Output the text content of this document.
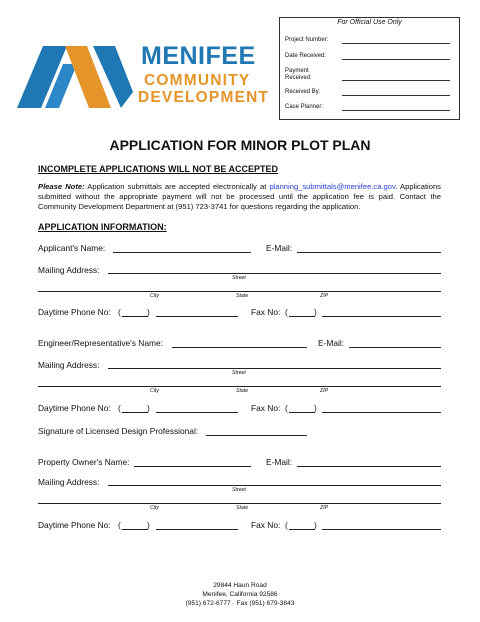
MENIFEE
COMMUNITY
DEVELOPMENT
For Official Use Only
Project Number:
Date Received:
Payment
Received:
Received By:
Case Planner:
APPLICATION FOR MINOR PLOT PLAN
INCOMPLETE APPLICATIONS WILL NOT BE ACCEPTED
Please Note: Application submittals are accepted electronically at planning_submittals@menifee.ca.gov. Applications submitted without the appropriate payment will not be processed until the application fee is paid. Contact the Community Development Department at (951) 723-3741 for questions regarding the application.
APPLICATION INFORMATION:
Applicant's Name:	E-Mail:
Mailing Address:
Street
City	State	ZIP
Daytime Phone No: (	)	Fax No: (	)
Engineer/Representative's Name:	E-Mail:
Mailing Address:
Street
City	State	ZIP
Daytime Phone No: (	)	Fax No: (	)
Signature of Licensed Design Professional:
Property Owner's Name:	E-Mail:
Mailing Address:
Street
City	State	ZIP
Daytime Phone No: (	)	Fax No: (	)
29844 Haun Road
Menifee, California 92586
(951) 672-6777 · Fax (951) 679-3843
